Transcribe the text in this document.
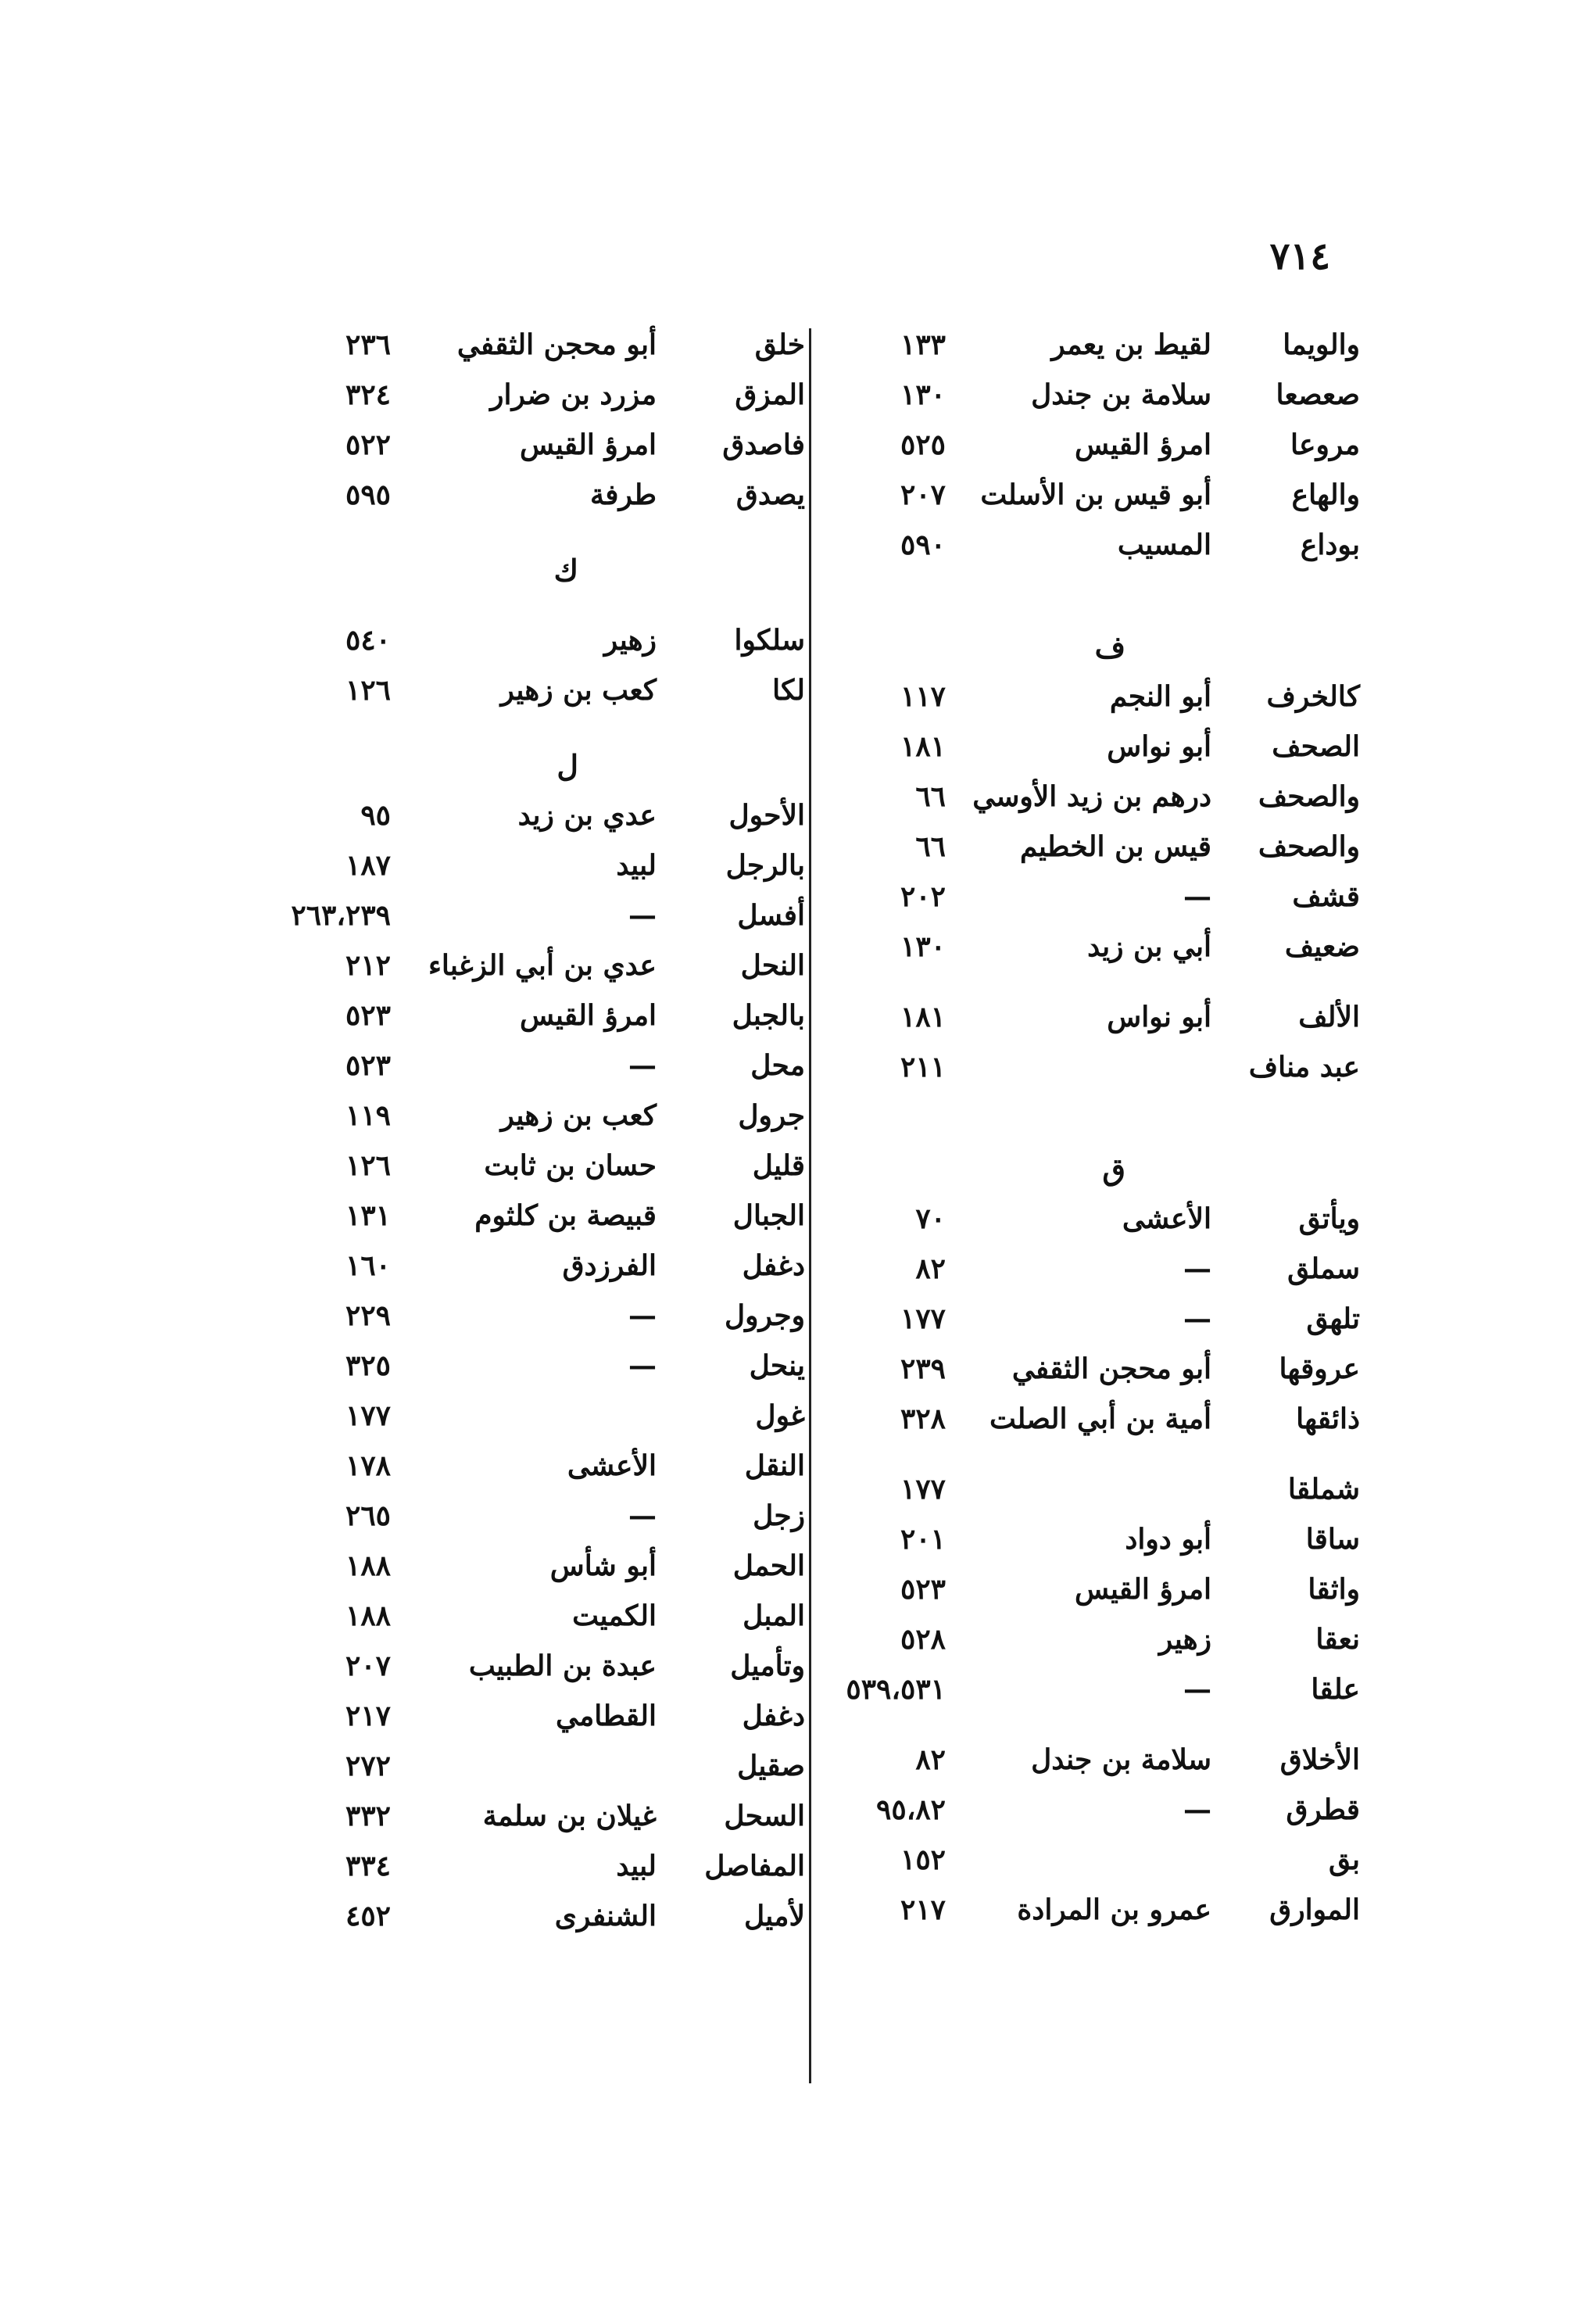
٧١٤
والويما
لقيط بن يعمر
١٣٣
صعصعا
سلامة بن جندل
١٣٠
مروعا
امرؤ القيس
٥٢٥
والهاع
أبو قيس بن الأسلت
٢٠٧
بوداع
المسيب
٥٩٠
ف
كالخرف
أبو النجم
١١٧
الصحف
أبو نواس
١٨١
والصحف
درهم بن زيد الأوسي
٦٦
والصحف
قيس بن الخطيم
٦٦
قشف
—
٢٠٢
ضعيف
أبي بن زيد
١٣٠
الألف
أبو نواس
١٨١
عبد مناف
٢١١
ق
ويأتق
الأعشى
٧٠
سملق
—
٨٢
تلهق
—
١٧٧
عروقها
أبو محجن الثقفي
٢٣٩
ذائقها
أمية بن أبي الصلت
٣٢٨
شملقا
١٧٧
ساقا
أبو دواد
٢٠١
واثقا
امرؤ القيس
٥٢٣
نعقا
زهير
٥٢٨
علقا
—
٥٣٩،٥٣١
الأخلاق
سلامة بن جندل
٨٢
قطرق
—
٩٥،٨٢
بق
١٥٢
الموارق
عمرو بن المرادة
٢١٧
خلق
أبو محجن الثقفي
٢٣٦
المزق
مزرد بن ضرار
٣٢٤
فاصدق
امرؤ القيس
٥٢٢
يصدق
طرفة
٥٩٥
ك
سلكوا
زهير
٥٤٠
لكا
كعب بن زهير
١٢٦
ل
الأحول
عدي بن زيد
٩٥
بالرجل
لبيد
١٨٧
أفسل
—
٢٦٣،٢٣٩
النحل
عدي بن أبي الزغباء
٢١٢
بالجبل
امرؤ القيس
٥٢٣
محل
—
٥٢٣
جرول
كعب بن زهير
١١٩
قليل
حسان بن ثابت
١٢٦
الجبال
قبيصة بن كلثوم
١٣١
دغفل
الفرزدق
١٦٠
وجرول
—
٢٢٩
ينحل
—
٣٢٥
غول
١٧٧
النقل
الأعشى
١٧٨
زجل
—
٢٦٥
الحمل
أبو شأس
١٨٨
المبل
الكميت
١٨٨
وتأميل
عبدة بن الطبيب
٢٠٧
دغفل
القطامي
٢١٧
صقيل
٢٧٢
السحل
غيلان بن سلمة
٣٣٢
المفاصل
لبيد
٣٣٤
لأميل
الشنفرى
٤٥٢
